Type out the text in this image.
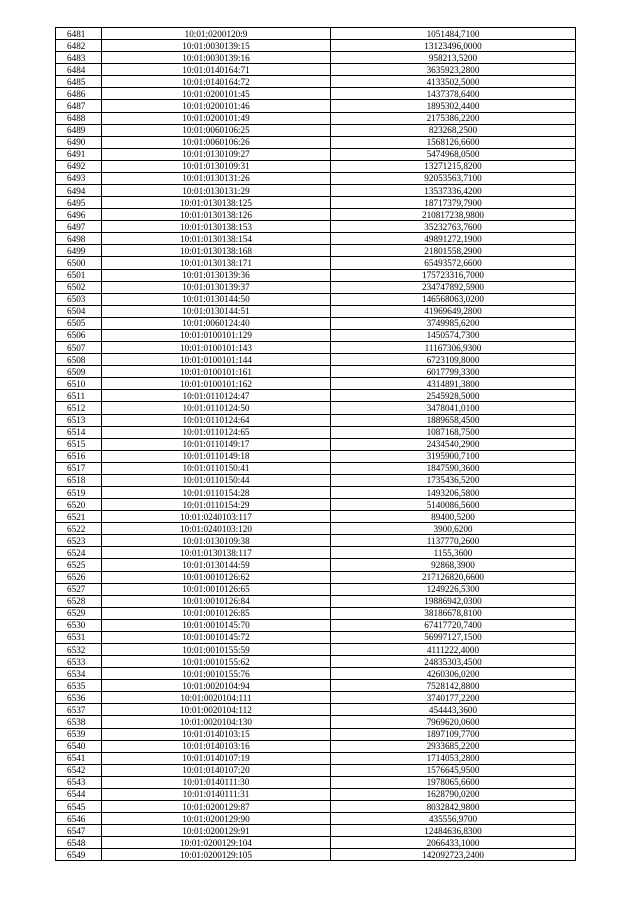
6481	10:01:0200120:9	1051484,7100
6482	10:01:0030139:15	13123496,0000
6483	10:01:0030139:16	958213,5200
6484	10:01:0140164:71	3635923,2800
6485	10:01:0140164:72	4133502,5000
6486	10:01:0200101:45	1437378,6400
6487	10:01:0200101:46	1895302,4400
6488	10:01:0200101:49	2175386,2200
6489	10:01:0060106:25	823268,2500
6490	10:01:0060106:26	1568126,6600
6491	10:01:0130109:27	5474968,0500
6492	10:01:0130109:31	13271215,8200
6493	10:01:0130131:26	92053563,7100
6494	10:01:0130131:29	13537336,4200
6495	10:01:0130138:125	18717379,7900
6496	10:01:0130138:126	210817238,9800
6497	10:01:0130138:153	35232763,7600
6498	10:01:0130138:154	49891272,1900
6499	10:01:0130138:168	21801558,2900
6500	10:01:0130138:171	65493572,6600
6501	10:01:0130139:36	175723316,7000
6502	10:01:0130139:37	234747892,5900
6503	10:01:0130144:50	146568063,0200
6504	10:01:0130144:51	41969649,2800
6505	10:01:0060124:40	3749985,6200
6506	10:01:0100101:129	1450574,7300
6507	10:01:0100101:143	11167306,9300
6508	10:01:0100101:144	6723109,8000
6509	10:01:0100101:161	6017799,3300
6510	10:01:0100101:162	4314891,3800
6511	10:01:0110124:47	2545928,5000
6512	10:01:0110124:50	3478041,0100
6513	10:01:0110124:64	1889658,4500
6514	10:01:0110124:65	1087168,7500
6515	10:01:0110149:17	2434540,2900
6516	10:01:0110149:18	3195900,7100
6517	10:01:0110150:41	1847590,3600
6518	10:01:0110150:44	1735436,5200
6519	10:01:0110154:28	1493206,5800
6520	10:01:0110154:29	5140086,5600
6521	10:01:0240103:117	89400,5200
6522	10:01:0240103:120	3900,6200
6523	10:01:0130109:38	1137770,2600
6524	10:01:0130138:117	1155,3600
6525	10:01:0130144:59	92868,3900
6526	10:01:0010126:62	217126820,6600
6527	10:01:0010126:65	1249226,5300
6528	10:01:0010126:84	19886942,0300
6529	10:01:0010126:85	38186678,8100
6530	10:01:0010145:70	67417720,7400
6531	10:01:0010145:72	56997127,1500
6532	10:01:0010155:59	4111222,4000
6533	10:01:0010155:62	24835303,4500
6534	10:01:0010155:76	4260306,0200
6535	10:01:0020104:94	7528142,8800
6536	10:01:0020104:111	3740177,2200
6537	10:01:0020104:112	454443,3600
6538	10:01:0020104:130	7969620,0600
6539	10:01:0140103:15	1897109,7700
6540	10:01:0140103:16	2933685,2200
6541	10:01:0140107:19	1714053,2800
6542	10:01:0140107:20	1576645,9500
6543	10:01:0140111:30	1978065,6600
6544	10:01:0140111:31	1628790,0200
6545	10:01:0200129:87	8032842,9800
6546	10:01:0200129:90	435556,9700
6547	10:01:0200129:91	12484636,8300
6548	10:01:0200129:104	2066433,1000
6549	10:01:0200129:105	142092723,2400
